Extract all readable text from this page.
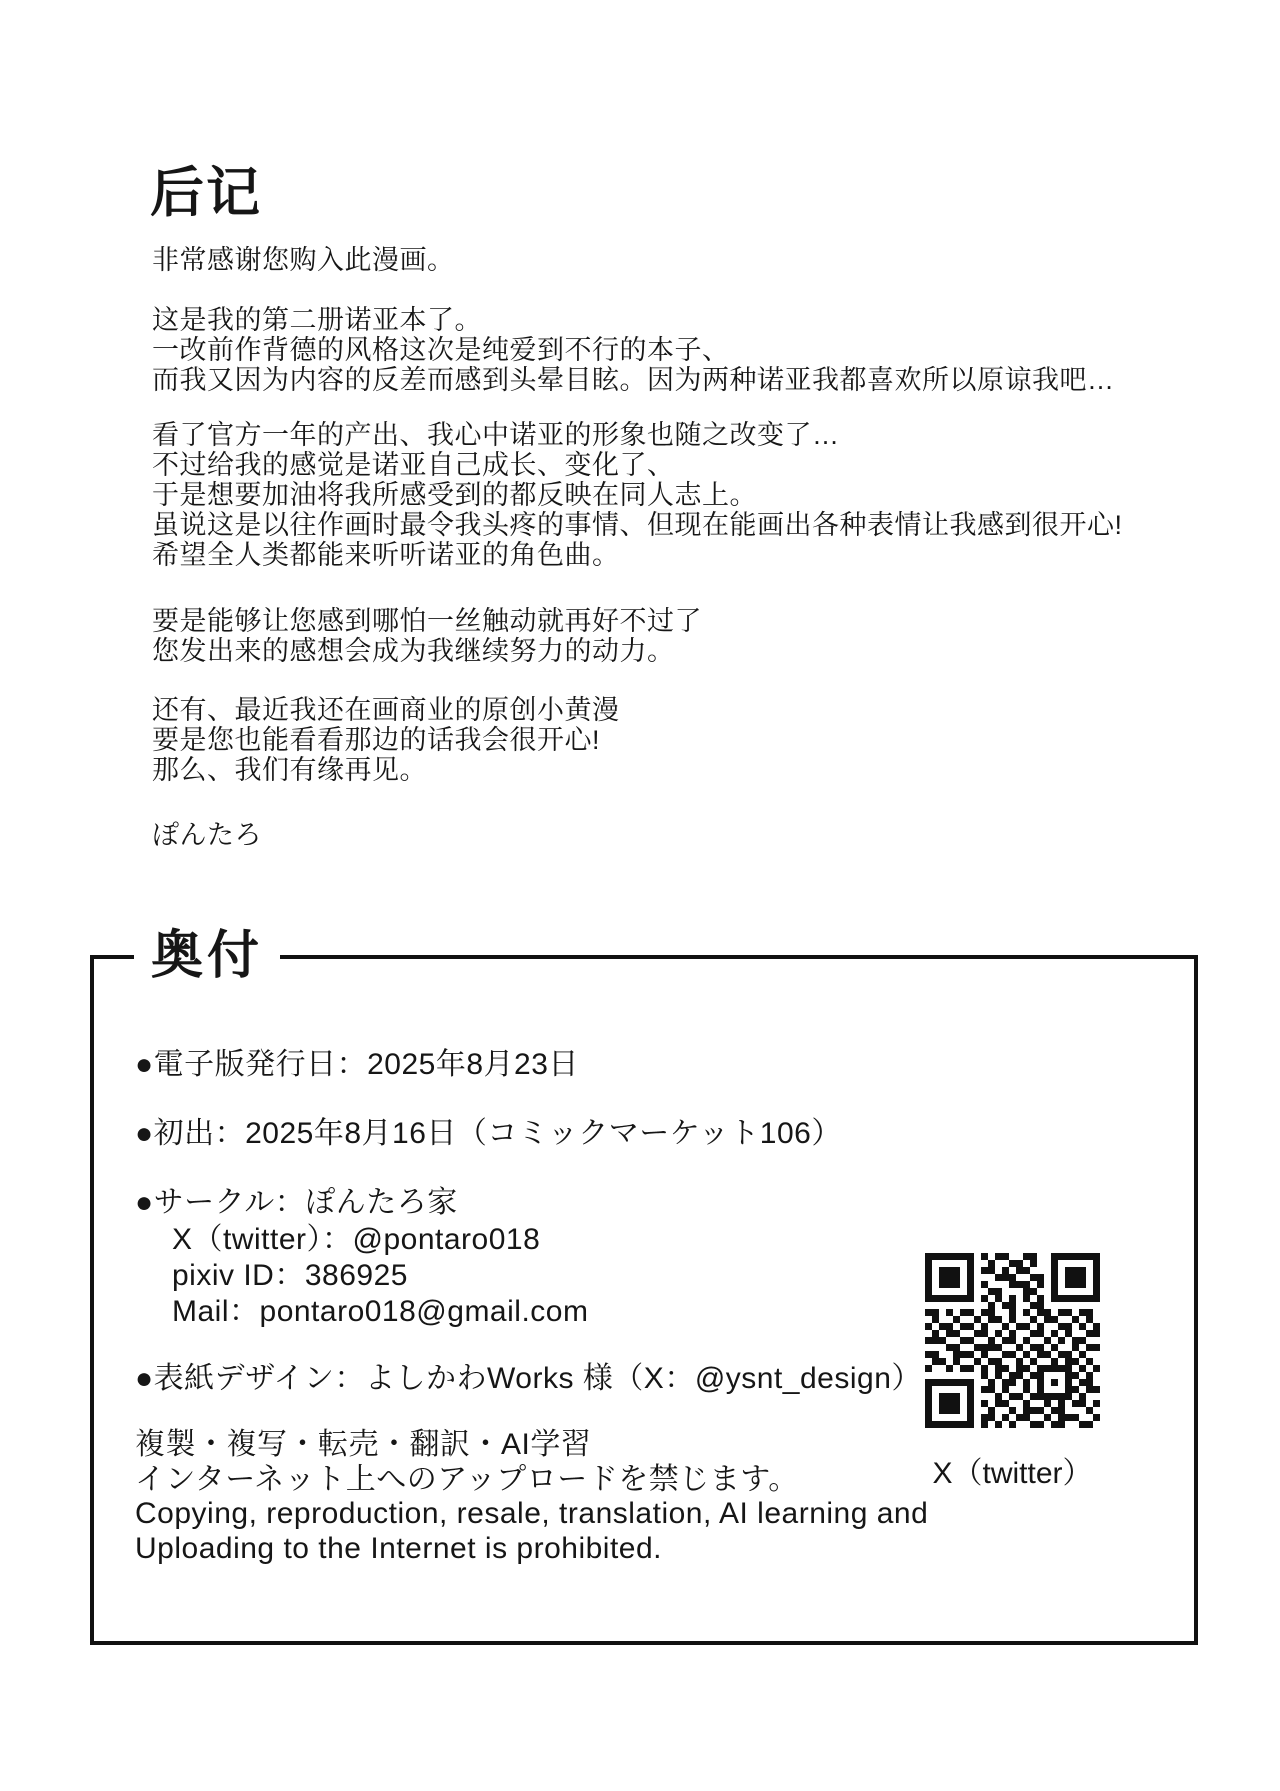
后记
非常感谢您购入此漫画。
这是我的第二册诺亚本了。
一改前作背德的风格这次是纯爱到不行的本子、
而我又因为内容的反差而感到头晕目眩。因为两种诺亚我都喜欢所以原谅我吧…
看了官方一年的产出、我心中诺亚的形象也随之改变了…
不过给我的感觉是诺亚自己成长、变化了、
于是想要加油将我所感受到的都反映在同人志上。
虽说这是以往作画时最令我头疼的事情、但现在能画出各种表情让我感到很开心!
希望全人类都能来听听诺亚的角色曲。
要是能够让您感到哪怕一丝触动就再好不过了
您发出来的感想会成为我继续努力的动力。
还有、最近我还在画商业的原创小黄漫
要是您也能看看那边的话我会很开心!
那么、我们有缘再见。
ぽんたろ
奥付
●電子版発行日：2025年8月23日
●初出：2025年8月16日（コミックマーケット106）
●サークル：ぽんたろ家
X（twitter）：@pontaro018
pixiv ID：386925
Mail：pontaro018@gmail.com
●表紙デザイン：よしかわWorks 様（X：@ysnt_design）
複製・複写・転売・翻訳・AI学習
インターネット上へのアップロードを禁じます。
Copying, reproduction, resale, translation, AI learning and
Uploading to the Internet is prohibited.
X（twitter）
